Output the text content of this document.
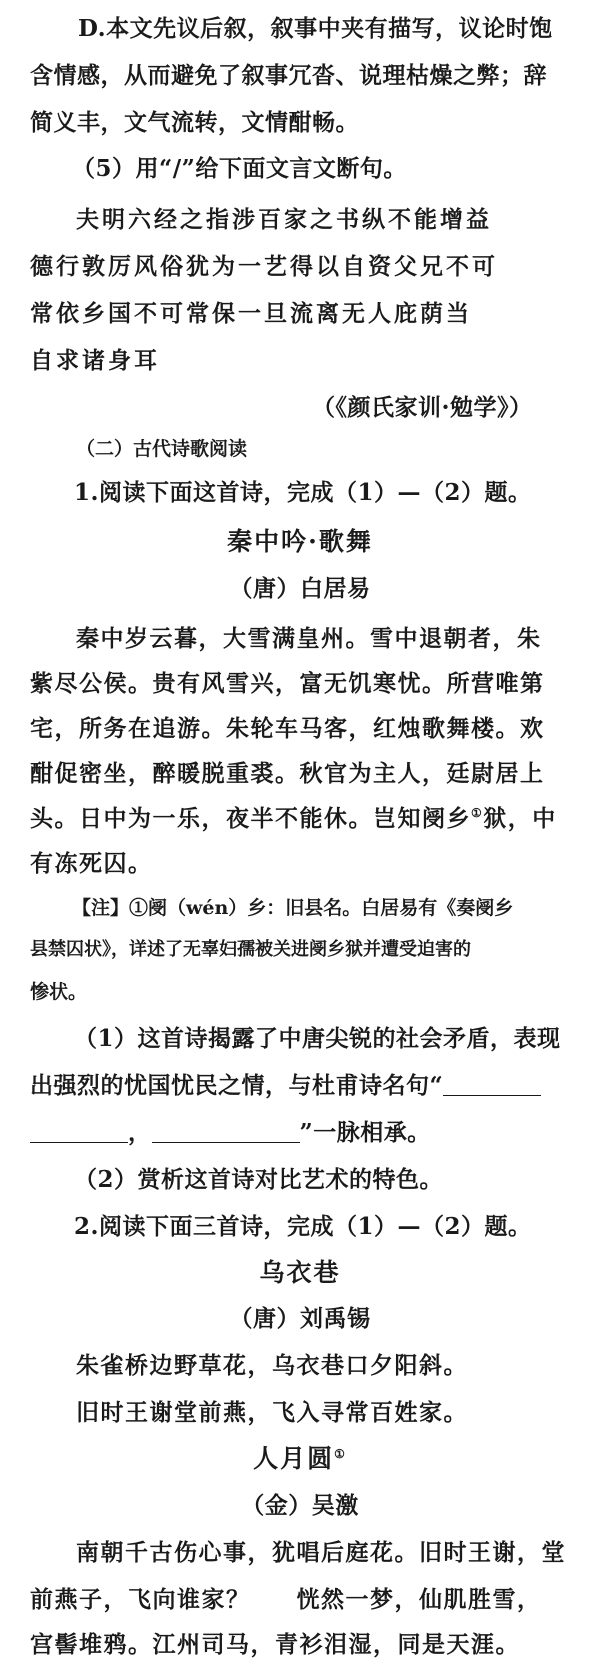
D.本文先议后叙，叙事中夹有描写，议论时饱
含情感，从而避免了叙事冗沓、说理枯燥之弊；辞
简义丰，文气流转，文情酣畅。
（5）用“/”给下面文言文断句。
夫明六经之指涉百家之书纵不能增益
德行敦厉风俗犹为一艺得以自资父兄不可
常依乡国不可常保一旦流离无人庇荫当
自求诸身耳
（《颜氏家训·勉学》）
（二）古代诗歌阅读
1.阅读下面这首诗，完成（1）—（2）题。
秦中吟·歌舞
（唐）白居易
秦中岁云暮，大雪满皇州。雪中退朝者，朱
紫尽公侯。贵有风雪兴，富无饥寒忧。所营唯第
宅，所务在追游。朱轮车马客，红烛歌舞楼。欢
酣促密坐，醉暖脱重裘。秋官为主人，廷尉居上
头。日中为一乐，夜半不能休。岂知阌乡①狱，中
有冻死囚。
【注】①阌（wén）乡：旧县名。白居易有《奏阌乡
县禁囚状》，详述了无辜妇孺被关进阌乡狱并遭受迫害的
惨状。
（1）这首诗揭露了中唐尖锐的社会矛盾，表现
出强烈的忧国忧民之情，与杜甫诗名句“
，	”一脉相承。
（2）赏析这首诗对比艺术的特色。
2.阅读下面三首诗，完成（1）—（2）题。
乌衣巷
（唐）刘禹锡
朱雀桥边野草花，乌衣巷口夕阳斜。
旧时王谢堂前燕，飞入寻常百姓家。
人月圆①
（金）吴激
南朝千古伤心事，犹唱后庭花。旧时王谢，堂
前燕子，飞向谁家？ 恍然一梦，仙肌胜雪，
宫髻堆鸦。江州司马，青衫泪湿，同是天涯。
